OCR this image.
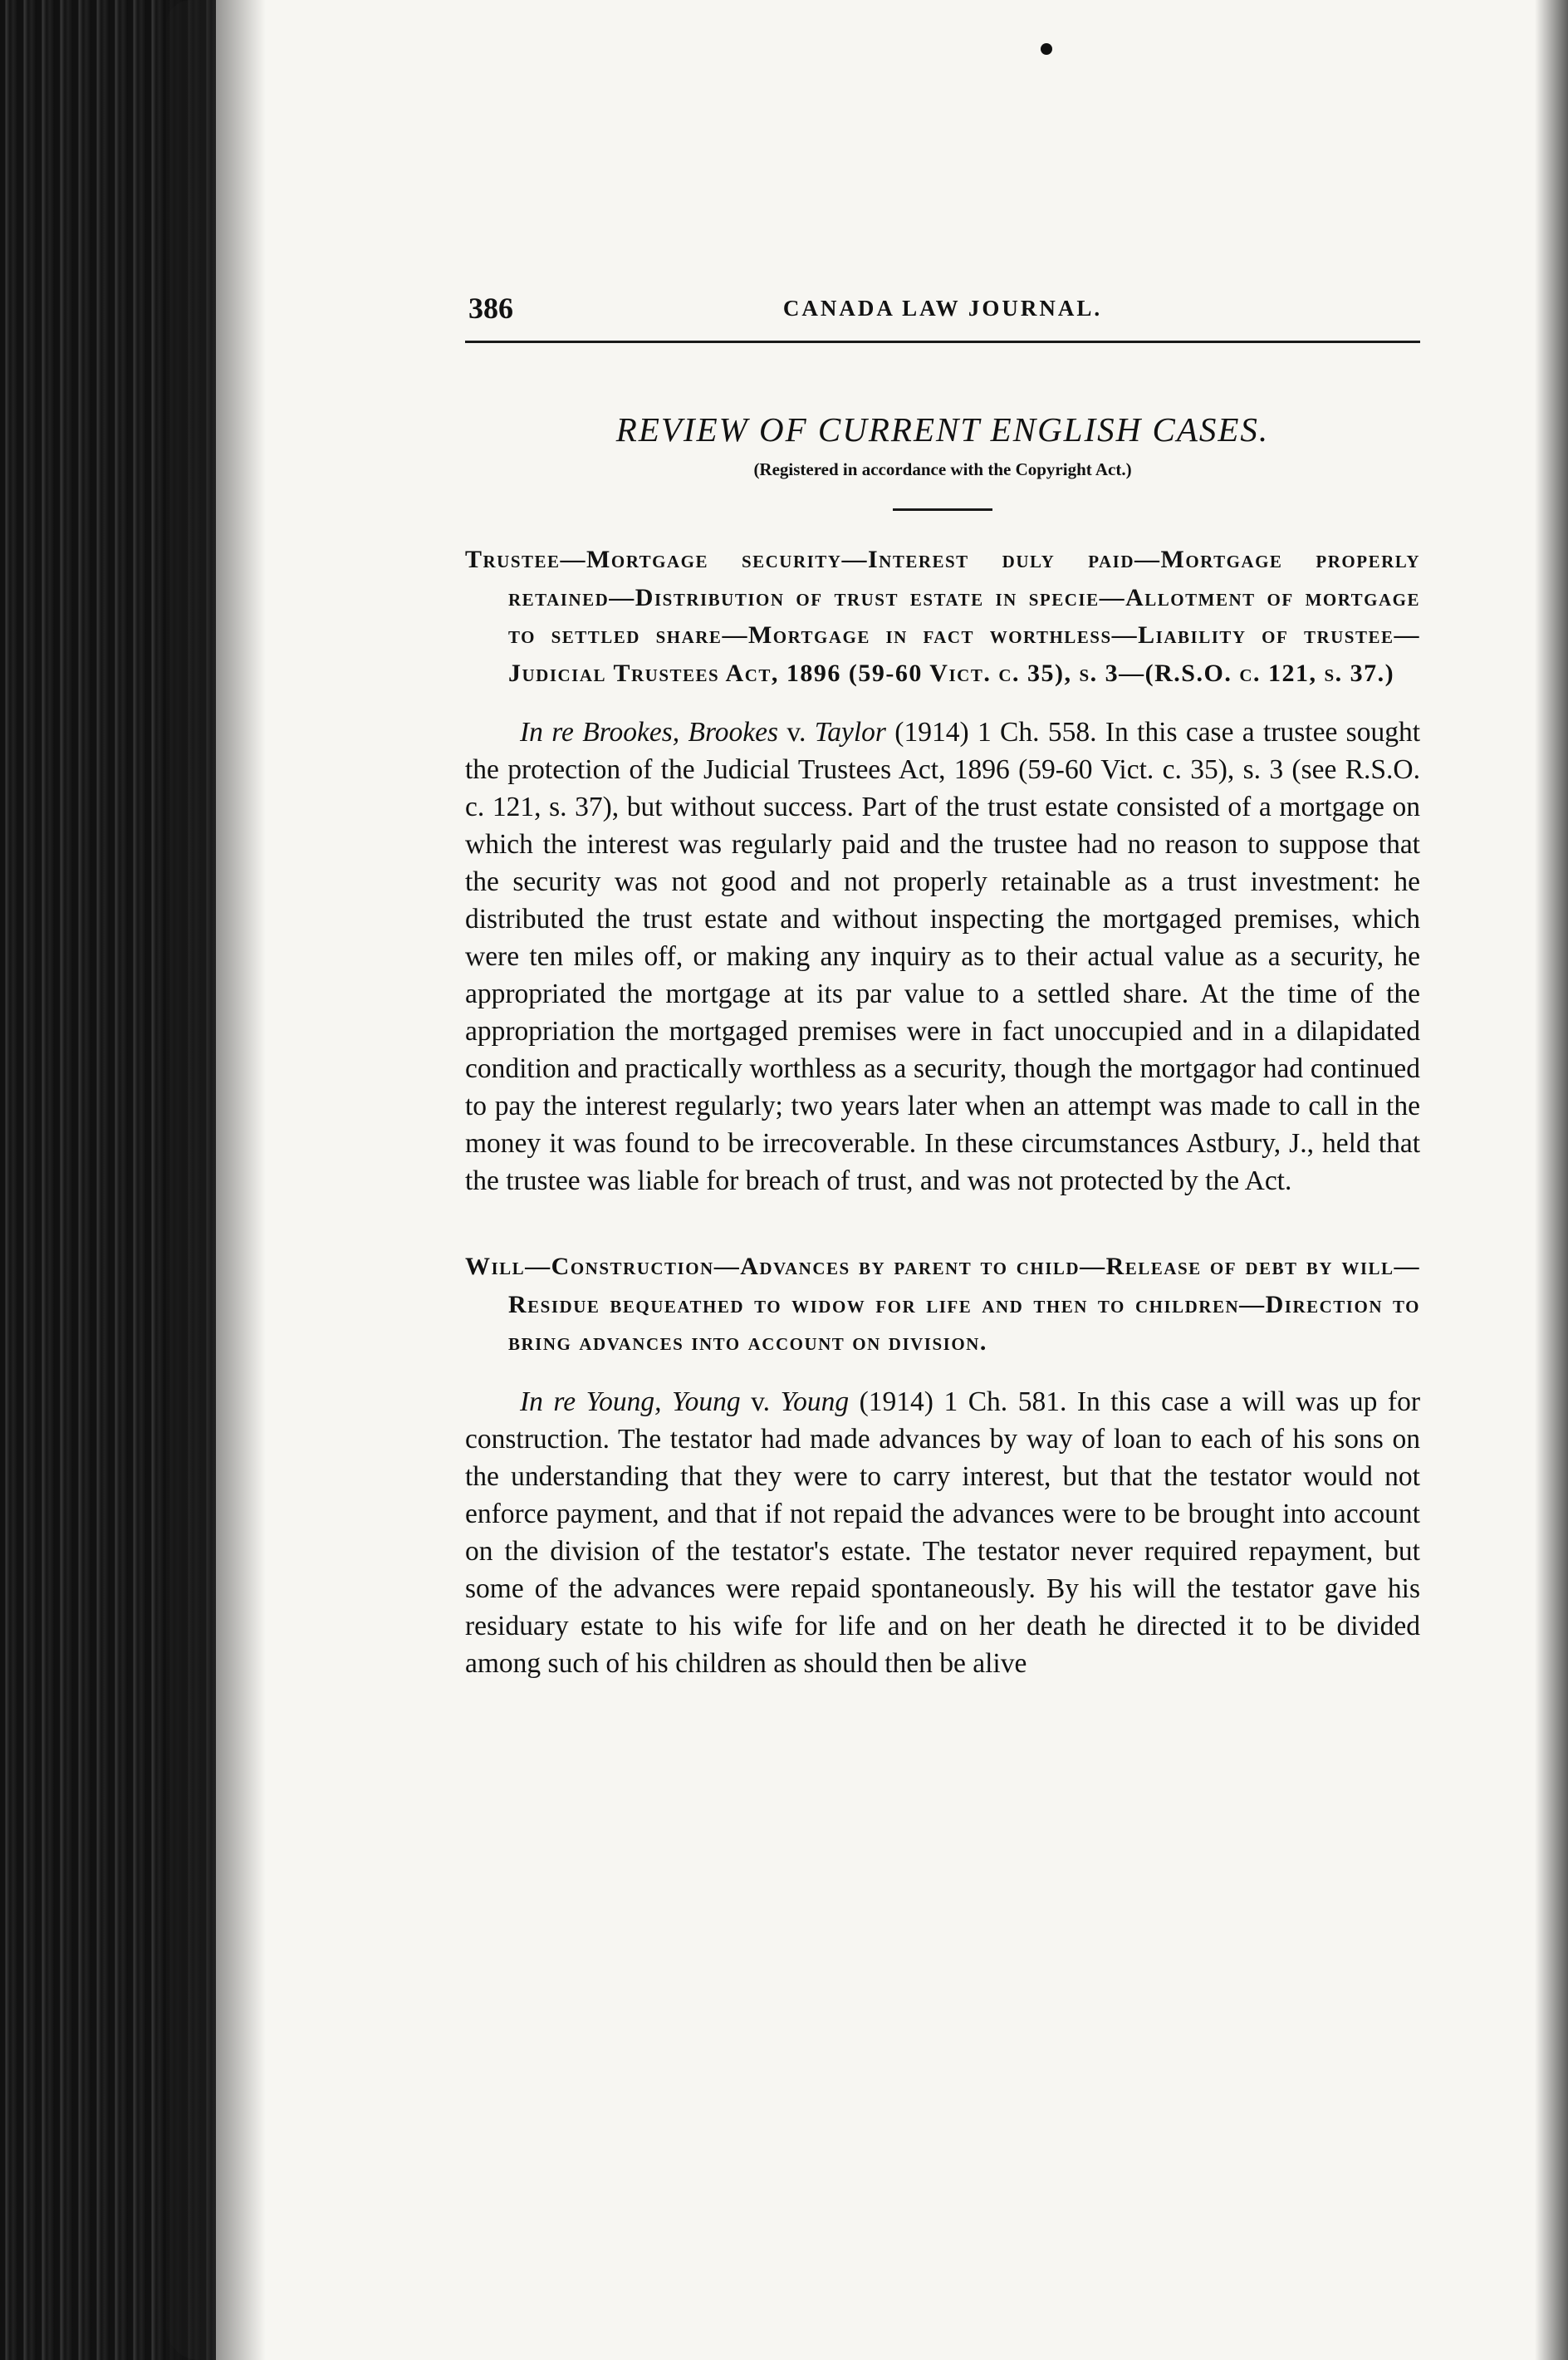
386	CANADA LAW JOURNAL.
REVIEW OF CURRENT ENGLISH CASES.
(Registered in accordance with the Copyright Act.)
Trustee—Mortgage security—Interest duly paid—Mortgage properly retained—Distribution of trust estate in specie—Allotment of mortgage to settled share—Mortgage in fact worthless—Liability of trustee—Judicial Trustees Act, 1896 (59-60 Vict. c. 35), s. 3—(R.S.O. c. 121, s. 37.)

In re Brookes, Brookes v. Taylor (1914) 1 Ch. 558. In this case a trustee sought the protection of the Judicial Trustees Act, 1896 (59-60 Vict. c. 35), s. 3 (see R.S.O. c. 121, s. 37), but without success. Part of the trust estate consisted of a mortgage on which the interest was regularly paid and the trustee had no reason to suppose that the security was not good and not properly retainable as a trust investment: he distributed the trust estate and without inspecting the mortgaged premises, which were ten miles off, or making any inquiry as to their actual value as a security, he appropriated the mortgage at its par value to a settled share. At the time of the appropriation the mortgaged premises were in fact unoccupied and in a dilapidated condition and practically worthless as a security, though the mortgagor had continued to pay the interest regularly; two years later when an attempt was made to call in the money it was found to be irrecoverable. In these circumstances Astbury, J., held that the trustee was liable for breach of trust, and was not protected by the Act.

Will—Construction—Advances by parent to child—Release of debt by will—Residue bequeathed to widow for life and then to children—Direction to bring advances into account on division.

In re Young, Young v. Young (1914) 1 Ch. 581. In this case a will was up for construction. The testator had made advances by way of loan to each of his sons on the understanding that they were to carry interest, but that the testator would not enforce payment, and that if not repaid the advances were to be brought into account on the division of the testator's estate. The testator never required repayment, but some of the advances were repaid spontaneously. By his will the testator gave his residuary estate to his wife for life and on her death he directed it to be divided among such of his children as should then be alive
